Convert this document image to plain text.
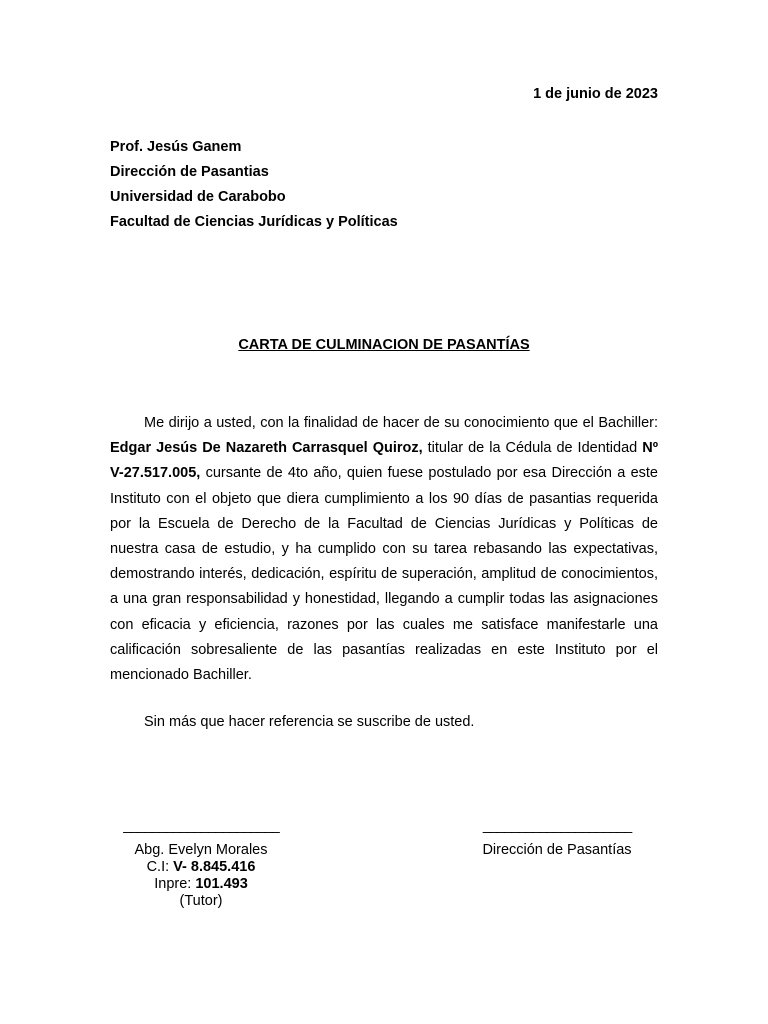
1 de junio de 2023
Prof. Jesús Ganem
Dirección de Pasantias
Universidad de Carabobo
Facultad de Ciencias Jurídicas y Políticas
CARTA DE CULMINACION DE PASANTÍAS

Me dirijo a usted, con la finalidad de hacer de su conocimiento que el Bachiller: Edgar Jesús De Nazareth Carrasquel Quiroz, titular de la Cédula de Identidad Nº V-27.517.005, cursante de 4to año, quien fuese postulado por esa Dirección a este Instituto con el objeto que diera cumplimiento a los 90 días de pasantias requerida por la Escuela de Derecho de la Facultad de Ciencias Jurídicas y Políticas de nuestra casa de estudio, y ha cumplido con su tarea rebasando las expectativas, demostrando interés, dedicación, espíritu de superación, amplitud de conocimientos, a una gran responsabilidad y honestidad, llegando a cumplir todas las asignaciones con eficacia y eficiencia, razones por las cuales me satisface manifestarle una calificación sobresaliente de las pasantías realizadas en este Instituto por el mencionado Bachiller.

Sin más que hacer referencia se suscribe de usted.
______________________
Abg. Evelyn Morales
C.I: V- 8.845.416
Inpre: 101.493
(Tutor)
_____________________
Dirección de Pasantías
